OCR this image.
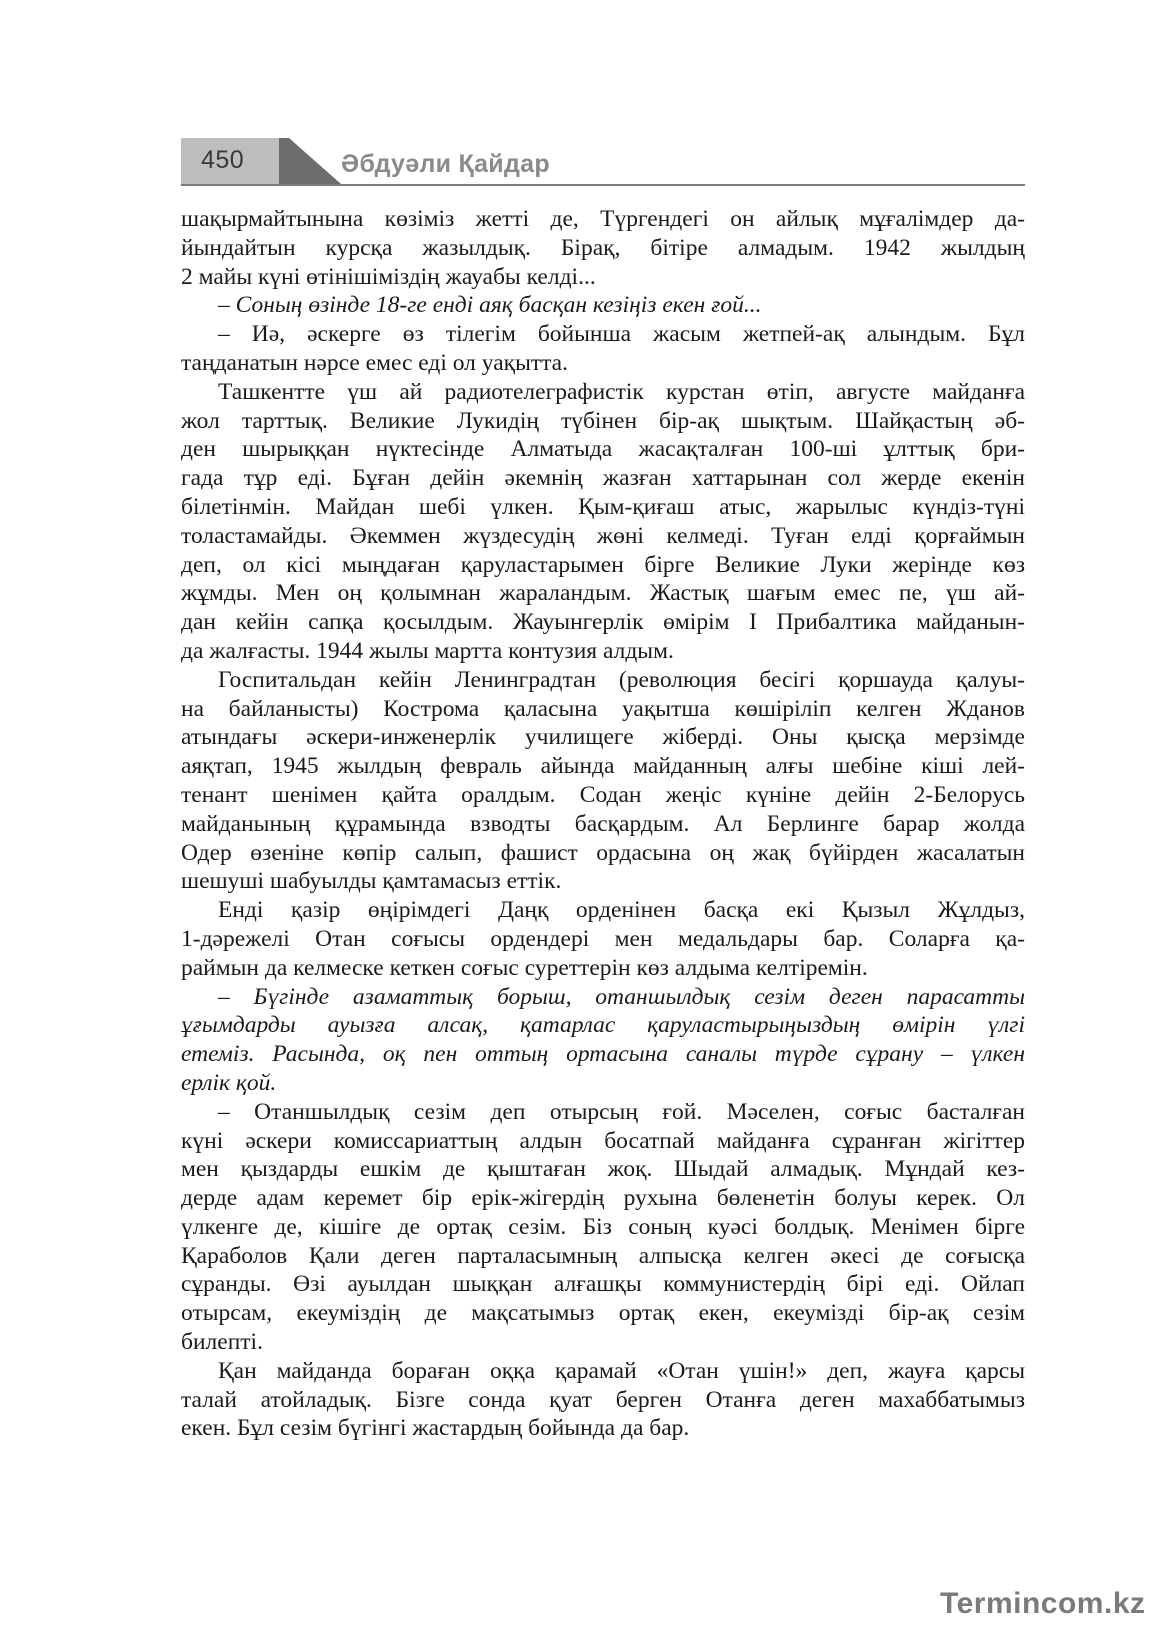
450	Әбдуәли Қайдар
шақырмайтынына көзіміз жетті де, Түргендегі он айлық мұғалімдер да-
йындайтын курсқа жазылдық. Бірақ, бітіре алмадым. 1942 жылдың
2 майы күні өтінішіміздің жауабы келді...
– Соның өзінде 18-ге енді аяқ басқан кезіңіз екен ғой...
– Иә, әскерге өз тілегім бойынша жасым жетпей-ақ алындым. Бұл
таңданатын нәрсе емес еді ол уақытта.
Ташкентте үш ай радиотелеграфистік курстан өтіп, августе майданға
жол тарттық. Великие Лукидің түбінен бір-ақ шықтым. Шайқастың әб-
ден шырыққан нүктесінде Алматыда жасақталған 100-ші ұлттық бри-
гада тұр еді. Бұған дейін әкемнің жазған хаттарынан сол жерде екенін
білетінмін. Майдан шебі үлкен. Қым-қиғаш атыс, жарылыс күндіз-түні
толастамайды. Әкеммен жүздесудің жөні келмеді. Туған елді қорғаймын
деп, ол кісі мыңдаған қаруластарымен бірге Великие Луки жерінде көз
жұмды. Мен оң қолымнан жараландым. Жастық шағым емес пе, үш ай-
дан кейін сапқа қосылдым. Жауынгерлік өмірім I Прибалтика майданын-
да жалғасты. 1944 жылы мартта контузия алдым.
Госпитальдан кейін Ленинградтан (революция бесігі қоршауда қалуы-
на байланысты) Кострома қаласына уақытша көшіріліп келген Жданов
атындағы әскери-инженерлік училищеге жіберді. Оны қысқа мерзімде
аяқтап, 1945 жылдың февраль айында майданның алғы шебіне кіші лей-
тенант шенімен қайта оралдым. Содан жеңіс күніне дейін 2-Белорусь
майданының құрамында взводты басқардым. Ал Берлинге барар жолда
Одер өзеніне көпір салып, фашист ордасына оң жақ бүйірден жасалатын
шешуші шабуылды қамтамасыз еттік.
Енді қазір өңірімдегі Даңқ орденінен басқа екі Қызыл Жұлдыз,
1-дәрежелі Отан соғысы ордендері мен медальдары бар. Соларға қа-
раймын да келмеске кеткен соғыс суреттерін көз алдыма келтіремін.
– Бүгінде азаматтық борыш, отаншылдық сезім деген парасатты
ұғымдарды ауызға алсақ, қатарлас қаруластырыңыздың өмірін үлгі
етеміз. Расында, оқ пен оттың ортасына саналы түрде сұрану – үлкен
ерлік қой.
– Отаншылдық сезім деп отырсың ғой. Мәселен, соғыс басталған
күні әскери комиссариаттың алдын босатпай майданға сұранған жігіттер
мен қыздарды ешкім де қыштаған жоқ. Шыдай алмадық. Мұндай кез-
дерде адам керемет бір ерік-жігердің рухына бөленетін болуы керек. Ол
үлкенге де, кішіге де ортақ сезім. Біз соның куәсі болдық. Менімен бірге
Қараболов Қали деген парталасымның алпысқа келген әкесі де соғысқа
сұранды. Өзі ауылдан шыққан алғашқы коммунистердің бірі еді. Ойлап
отырсам, екеуміздің де мақсатымыз ортақ екен, екеумізді бір-ақ сезім
билепті.
Қан майданда бораған оққа қарамай «Отан үшін!» деп, жауға қарсы
талай атойладық. Бізге сонда қуат берген Отанға деген махаббатымыз
екен. Бұл сезім бүгінгі жастардың бойында да бар.
Termincom.kz
